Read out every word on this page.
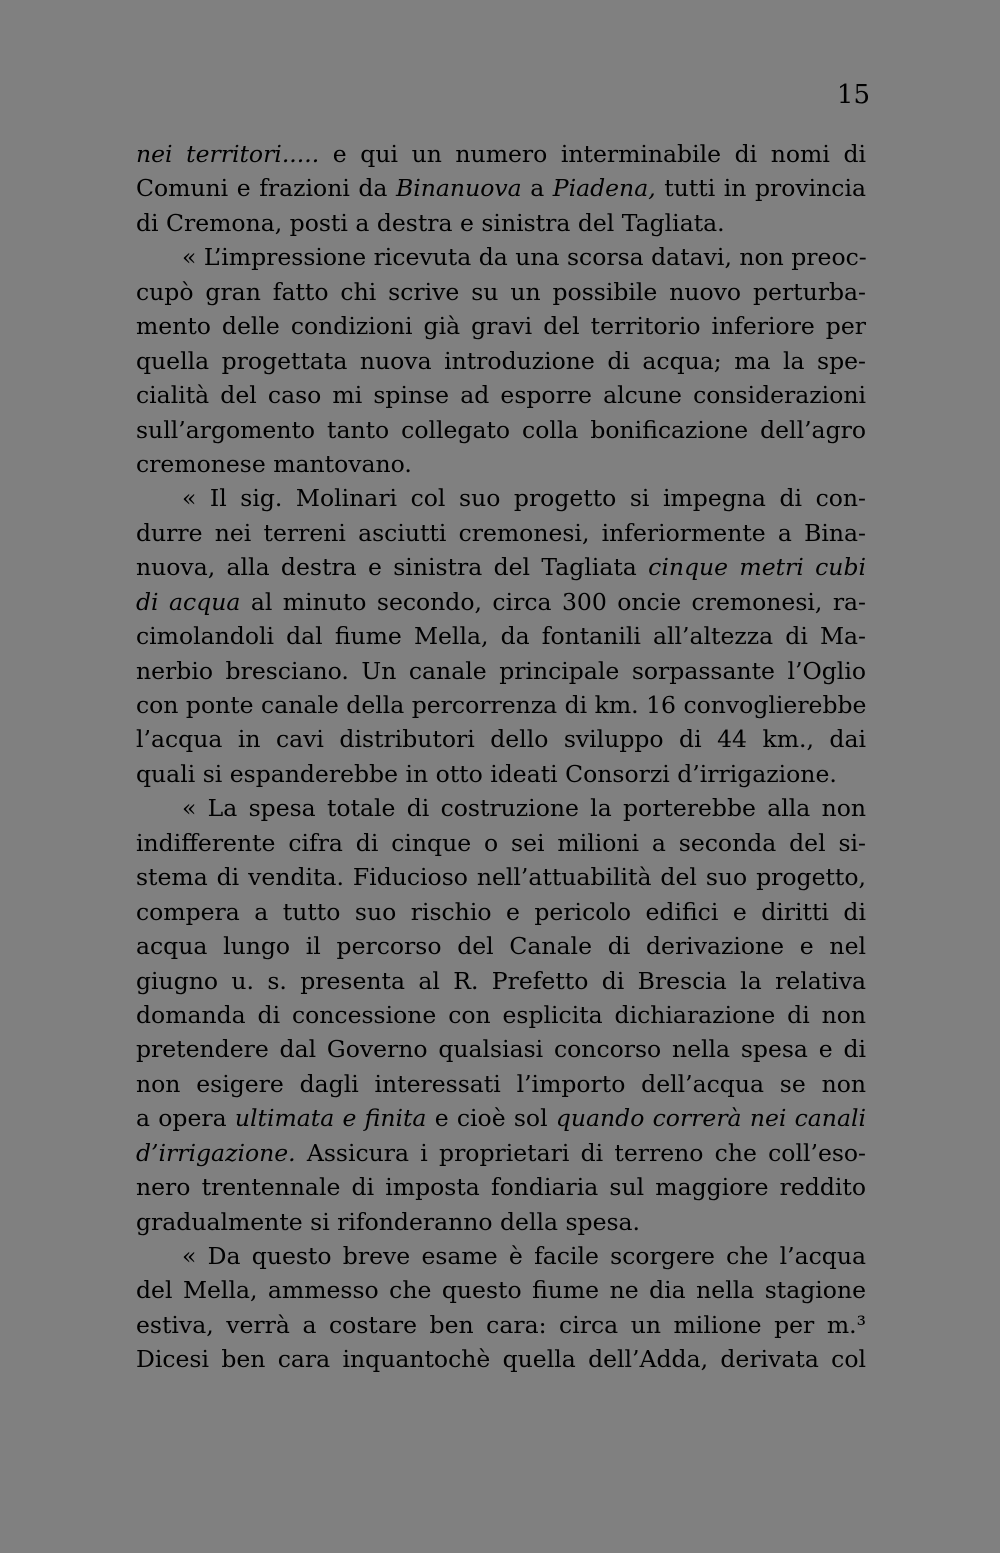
15
nei territori..... e qui un numero interminabile di nomi di
Comuni e frazioni da Binanuova a Piadena, tutti in provincia
di Cremona, posti a destra e sinistra del Tagliata.
« L’impressione ricevuta da una scorsa datavi, non preoc-
cupò gran fatto chi scrive su un possibile nuovo perturba-
mento delle condizioni già gravi del territorio inferiore per
quella progettata nuova introduzione di acqua; ma la spe-
cialità del caso mi spinse ad esporre alcune considerazioni
sull’argomento tanto collegato colla bonificazione dell’agro
cremonese mantovano.
« Il sig. Molinari col suo progetto si impegna di con-
durre nei terreni asciutti cremonesi, inferiormente a Bina-
nuova, alla destra e sinistra del Tagliata cinque metri cubi
di acqua al minuto secondo, circa 300 oncie cremonesi, ra-
cimolandoli dal fiume Mella, da fontanili all’altezza di Ma-
nerbio bresciano. Un canale principale sorpassante l’Oglio
con ponte canale della percorrenza di km. 16 convoglierebbe
l’acqua in cavi distributori dello sviluppo di 44 km., dai
quali si espanderebbe in otto ideati Consorzi d’irrigazione.
« La spesa totale di costruzione la porterebbe alla non
indifferente cifra di cinque o sei milioni a seconda del si-
stema di vendita. Fiducioso nell’attuabilità del suo progetto,
compera a tutto suo rischio e pericolo edifici e diritti di
acqua lungo il percorso del Canale di derivazione e nel
giugno u. s. presenta al R. Prefetto di Brescia la relativa
domanda di concessione con esplicita dichiarazione di non
pretendere dal Governo qualsiasi concorso nella spesa e di
non esigere dagli interessati l’importo dell’acqua se non
a opera ultimata e finita e cioè sol quando correrà nei canali
d’irrigazione. Assicura i proprietari di terreno che coll’eso-
nero trentennale di imposta fondiaria sul maggiore reddito
gradualmente si rifonderanno della spesa.
« Da questo breve esame è facile scorgere che l’acqua
del Mella, ammesso che questo fiume ne dia nella stagione
estiva, verrà a costare ben cara: circa un milione per m.³
Dicesi ben cara inquantochè quella dell’Adda, derivata col
